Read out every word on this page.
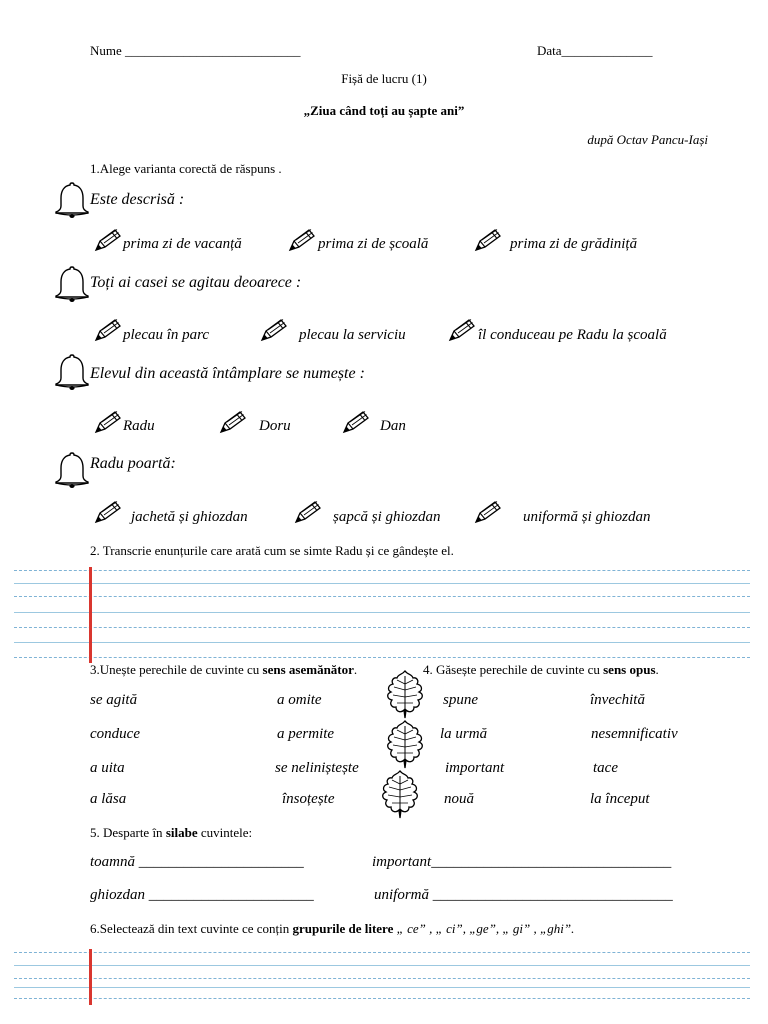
Nume ___________________________	Data______________
Fișă de lucru (1)
„Ziua când toți au șapte ani”
după Octav Pancu-Iași
1.Alege varianta corectă de răspuns .
Este descrisă :
prima zi de vacanță	prima zi de școală	prima zi de grădiniță
Toți ai casei se agitau deoarece :
plecau în parc	plecau la serviciu	îl conduceau pe Radu la școală
Elevul din această întâmplare se numește :
Radu	Doru	Dan
Radu poartă:
jachetă și ghiozdan	șapcă și ghiozdan	uniformă și ghiozdan
2. Transcrie enunțurile care arată cum se simte Radu și ce gândește el.
3.Unește perechile de cuvinte cu sens asemănător.	4. Găsește perechile de cuvinte cu sens opus.
se agită	a omite	spune	învechită
conduce	a permite	la urmă	nesemnificativ
a uita	se neliniștește	important	tace
a lăsa	însoțește	nouă	la început
5. Desparte în silabe cuvintele:
toamnă ______________________	important________________________________
ghiozdan ______________________	uniformă ________________________________
6.Selectează din text cuvinte ce conțin grupurile de litere „ ce” , „ ci”, „ge”, „ gi” , „ghi”.
